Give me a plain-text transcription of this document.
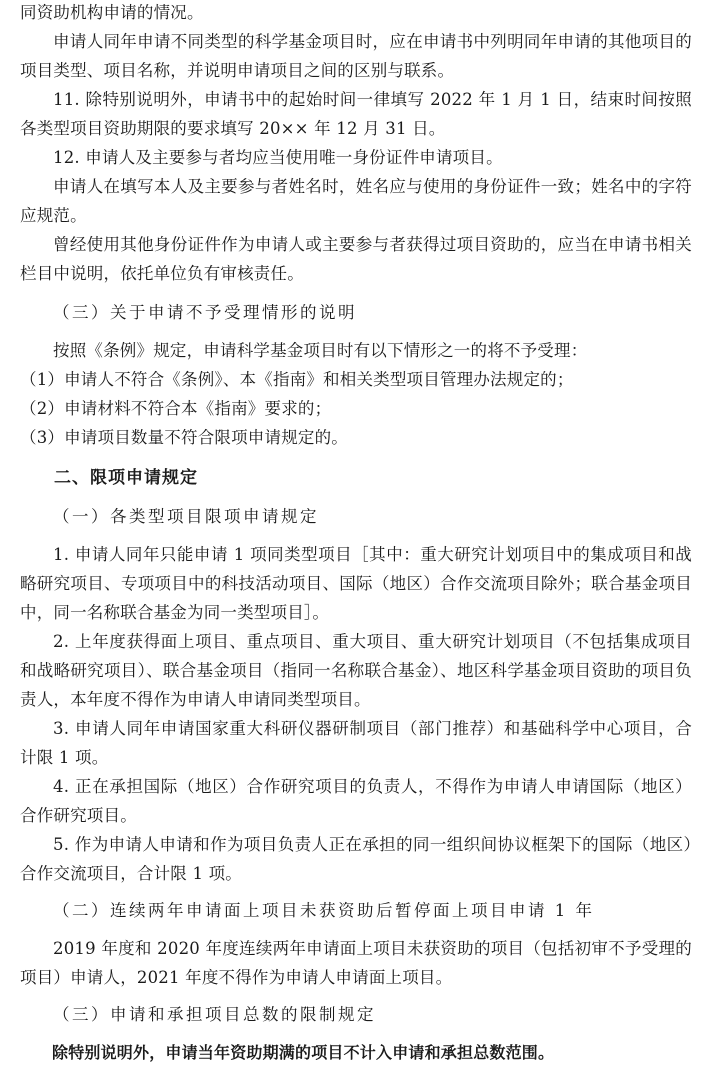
同资助机构申请的情况。

申请人同年申请不同类型的科学基金项目时，应在申请书中列明同年申请的其他项目的项目类型、项目名称，并说明申请项目之间的区别与联系。

11. 除特别说明外，申请书中的起始时间一律填写 2022 年 1 月 1 日，结束时间按照各类型项目资助期限的要求填写 20×× 年 12 月 31 日。

12. 申请人及主要参与者均应当使用唯一身份证件申请项目。

申请人在填写本人及主要参与者姓名时，姓名应与使用的身份证件一致；姓名中的字符应规范。

曾经使用其他身份证件作为申请人或主要参与者获得过项目资助的，应当在申请书相关栏目中说明，依托单位负有审核责任。

（三）关于申请不予受理情形的说明

按照《条例》规定，申请科学基金项目时有以下情形之一的将不予受理：

（1）申请人不符合《条例》、本《指南》和相关类型项目管理办法规定的；

（2）申请材料不符合本《指南》要求的；

（3）申请项目数量不符合限项申请规定的。

二、限项申请规定

（一）各类型项目限项申请规定

1. 申请人同年只能申请 1 项同类型项目［其中：重大研究计划项目中的集成项目和战略研究项目、专项项目中的科技活动项目、国际（地区）合作交流项目除外；联合基金项目中，同一名称联合基金为同一类型项目］。

2. 上年度获得面上项目、重点项目、重大项目、重大研究计划项目（不包括集成项目和战略研究项目）、联合基金项目（指同一名称联合基金）、地区科学基金项目资助的项目负责人，本年度不得作为申请人申请同类型项目。

3. 申请人同年申请国家重大科研仪器研制项目（部门推荐）和基础科学中心项目，合计限 1 项。

4. 正在承担国际（地区）合作研究项目的负责人，不得作为申请人申请国际（地区）合作研究项目。

5. 作为申请人申请和作为项目负责人正在承担的同一组织间协议框架下的国际（地区）合作交流项目，合计限 1 项。

（二）连续两年申请面上项目未获资助后暂停面上项目申请 1 年

2019 年度和 2020 年度连续两年申请面上项目未获资助的项目（包括初审不予受理的项目）申请人，2021 年度不得作为申请人申请面上项目。

（三）申请和承担项目总数的限制规定

除特别说明外，申请当年资助期满的项目不计入申请和承担总数范围。
